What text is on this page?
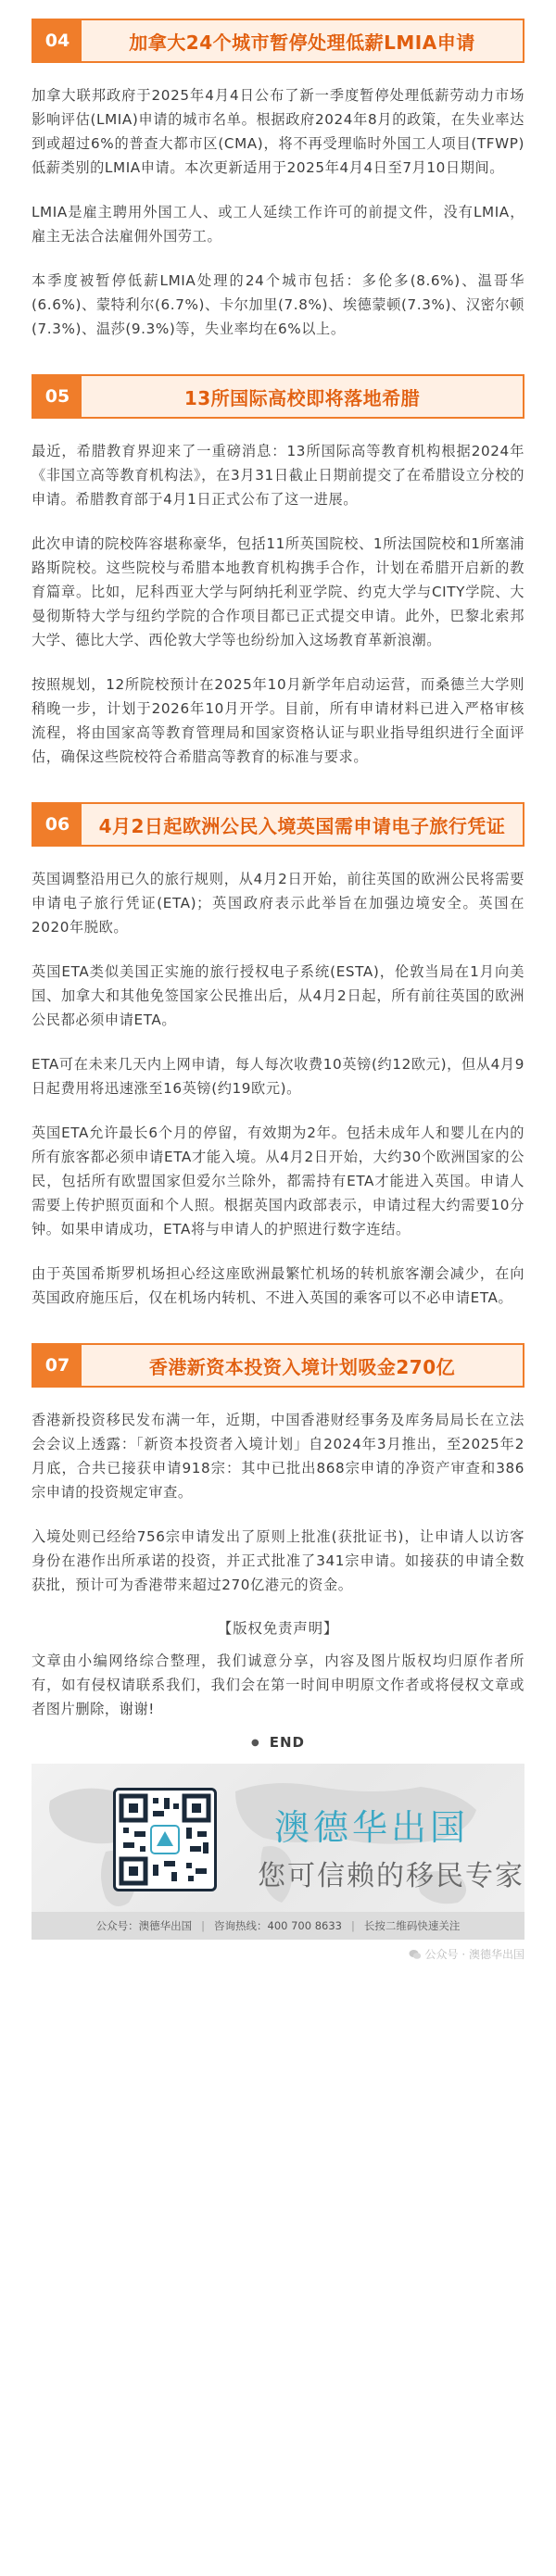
04	加拿大24个城市暂停处理低薪LMIA申请

加拿大联邦政府于2025年4月4日公布了新一季度暂停处理低薪劳动力市场影响评估(LMIA)申请的城市名单。根据政府2024年8月的政策，在失业率达到或超过6%的普查大都市区(CMA)，将不再受理临时外国工人项目(TFWP)低薪类别的LMIA申请。本次更新适用于2025年4月4日至7月10日期间。

LMIA是雇主聘用外国工人、或工人延续工作许可的前提文件，没有LMIA，雇主无法合法雇佣外国劳工。

本季度被暂停低薪LMIA处理的24个城市包括：多伦多(8.6%)、温哥华(6.6%)、蒙特利尔(6.7%)、卡尔加里(7.8%)、埃德蒙顿(7.3%)、汉密尔顿(7.3%)、温莎(9.3%)等，失业率均在6%以上。

05	13所国际高校即将落地希腊

最近，希腊教育界迎来了一重磅消息：13所国际高等教育机构根据2024年《非国立高等教育机构法》，在3月31日截止日期前提交了在希腊设立分校的申请。希腊教育部于4月1日正式公布了这一进展。

此次申请的院校阵容堪称豪华，包括11所英国院校、1所法国院校和1所塞浦路斯院校。这些院校与希腊本地教育机构携手合作，计划在希腊开启新的教育篇章。比如，尼科西亚大学与阿纳托利亚学院、约克大学与CITY学院、大曼彻斯特大学与纽约学院的合作项目都已正式提交申请。此外，巴黎北索邦大学、德比大学、西伦敦大学等也纷纷加入这场教育革新浪潮。

按照规划，12所院校预计在2025年10月新学年启动运营，而桑德兰大学则稍晚一步，计划于2026年10月开学。目前，所有申请材料已进入严格审核流程，将由国家高等教育管理局和国家资格认证与职业指导组织进行全面评估，确保这些院校符合希腊高等教育的标准与要求。

06	4月2日起欧洲公民入境英国需申请电子旅行凭证

英国调整沿用已久的旅行规则，从4月2日开始，前往英国的欧洲公民将需要申请电子旅行凭证(ETA)；英国政府表示此举旨在加强边境安全。英国在2020年脱欧。

英国ETA类似美国正实施的旅行授权电子系统(ESTA)，伦敦当局在1月向美国、加拿大和其他免签国家公民推出后，从4月2日起，所有前往英国的欧洲公民都必须申请ETA。

ETA可在未来几天内上网申请，每人每次收费10英镑(约12欧元)，但从4月9日起费用将迅速涨至16英镑(约19欧元)。

英国ETA允许最长6个月的停留，有效期为2年。包括未成年人和婴儿在内的所有旅客都必须申请ETA才能入境。从4月2日开始，大约30个欧洲国家的公民，包括所有欧盟国家但爱尔兰除外，都需持有ETA才能进入英国。申请人需要上传护照页面和个人照。根据英国内政部表示，申请过程大约需要10分钟。如果申请成功，ETA将与申请人的护照进行数字连结。

由于英国希斯罗机场担心经这座欧洲最繁忙机场的转机旅客潮会减少，在向英国政府施压后，仅在机场内转机、不进入英国的乘客可以不必申请ETA。

07	香港新资本投资入境计划吸金270亿

香港新投资移民发布满一年，近期，中国香港财经事务及库务局局长在立法会会议上透露：「新资本投资者入境计划」自2024年3月推出，至2025年2月底，合共已接获申请918宗：其中已批出868宗申请的净资产审查和386宗申请的投资规定审查。

入境处则已经给756宗申请发出了原则上批准(获批证书)，让申请人以访客身份在港作出所承诺的投资，并正式批准了341宗申请。如接获的申请全数获批，预计可为香港带来超过270亿港元的资金。

【版权免责声明】

文章由小编网络综合整理，我们诚意分享，内容及图片版权均归原作者所有，如有侵权请联系我们，我们会在第一时间申明原文作者或将侵权文章或者图片删除，谢谢!

● END
澳德华出国
您可信赖的移民专家
公众号：澳德华出国 | 咨询热线：400 700 8633 | 长按二维码快速关注
公众号 · 澳德华出国
